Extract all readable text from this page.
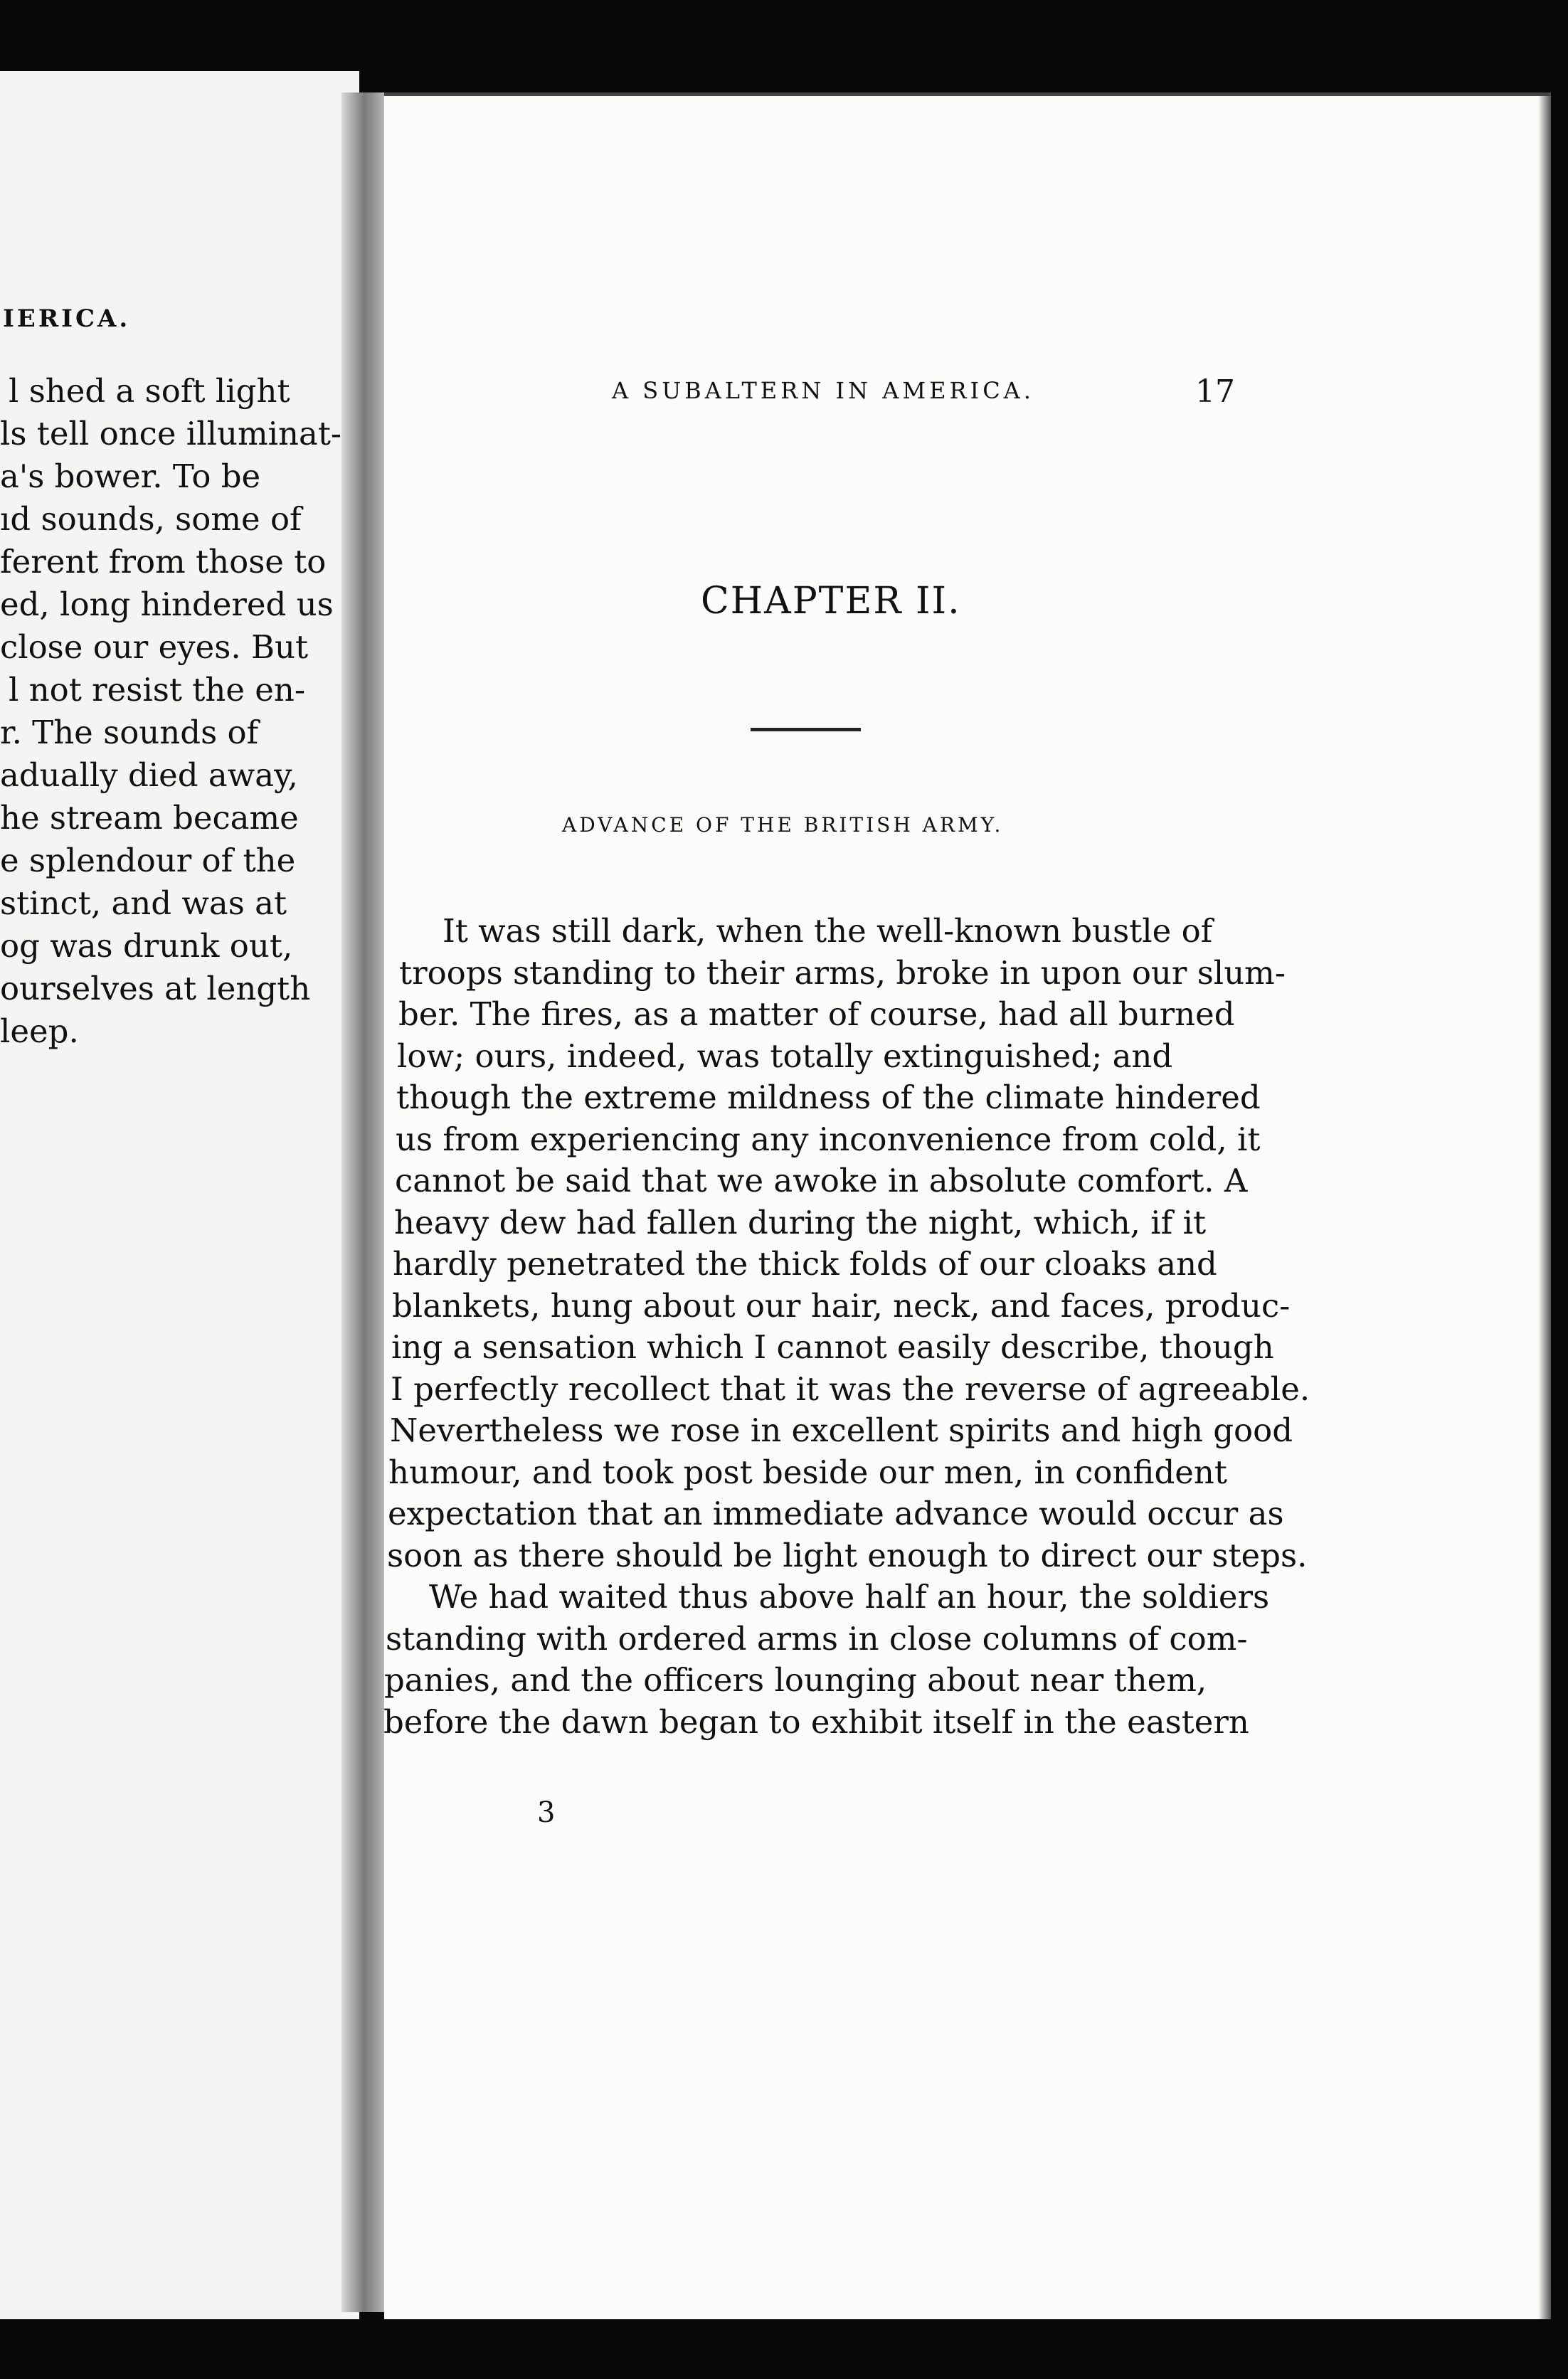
IERICA.
l shed a soft light
ls tell once illuminat-
a's bower. To be
ıd sounds, some of
ferent from those to
ed, long hindered us
close our eyes. But
l not resist the en-
r. The sounds of
adually died away,
he stream became
e splendour of the
stinct, and was at
og was drunk out,
ourselves at length
leep.
A SUBALTERN IN AMERICA.	17
CHAPTER II.
ADVANCE OF THE BRITISH ARMY.
It was still dark, when the well-known bustle of
troops standing to their arms, broke in upon our slum-
ber. The fires, as a matter of course, had all burned
low; ours, indeed, was totally extinguished; and
though the extreme mildness of the climate hindered
us from experiencing any inconvenience from cold, it
cannot be said that we awoke in absolute comfort. A
heavy dew had fallen during the night, which, if it
hardly penetrated the thick folds of our cloaks and
blankets, hung about our hair, neck, and faces, produc-
ing a sensation which I cannot easily describe, though
I perfectly recollect that it was the reverse of agreeable.
Nevertheless we rose in excellent spirits and high good
humour, and took post beside our men, in confident
expectation that an immediate advance would occur as
soon as there should be light enough to direct our steps.
We had waited thus above half an hour, the soldiers
standing with ordered arms in close columns of com-
panies, and the officers lounging about near them,
before the dawn began to exhibit itself in the eastern
3
